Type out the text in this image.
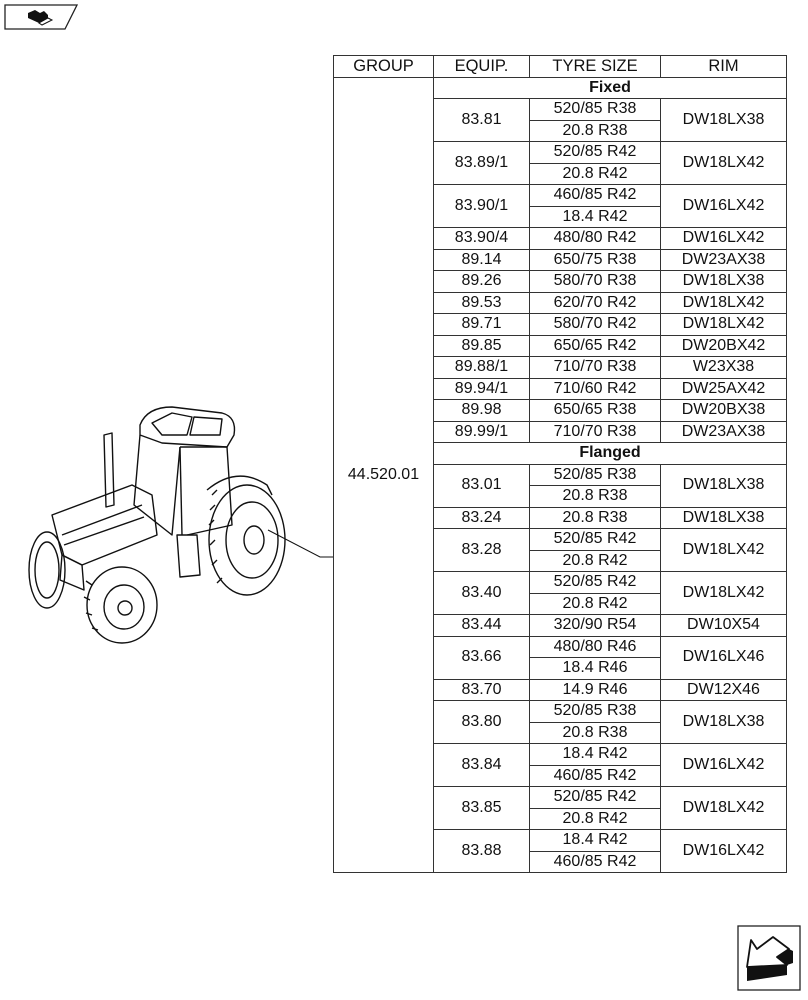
GROUP	EQUIP.	TYRE SIZE	RIM
44.520.01	Fixed		
	83.81	520/85 R38	DW18LX38
		20.8 R38	
	83.89/1	520/85 R42	DW18LX42
		20.8 R42	
	83.90/1	460/85 R42	DW16LX42
		18.4 R42	
	83.90/4	480/80 R42	DW16LX42
	89.14	650/75 R38	DW23AX38
	89.26	580/70 R38	DW18LX38
	89.53	620/70 R42	DW18LX42
	89.71	580/70 R42	DW18LX42
	89.85	650/65 R42	DW20BX42
	89.88/1	710/70 R38	W23X38
	89.94/1	710/60 R42	DW25AX42
	89.98	650/65 R38	DW20BX38
	89.99/1	710/70 R38	DW23AX38
	Flanged		
	83.01	520/85 R38	DW18LX38
		20.8 R38	
	83.24	20.8 R38	DW18LX38
	83.28	520/85 R42	DW18LX42
		20.8 R42	
	83.40	520/85 R42	DW18LX42
		20.8 R42	
	83.44	320/90 R54	DW10X54
	83.66	480/80 R46	DW16LX46
		18.4 R46	
	83.70	14.9 R46	DW12X46
	83.80	520/85 R38	DW18LX38
		20.8 R38	
	83.84	18.4 R42	DW16LX42
		460/85 R42	
	83.85	520/85 R42	DW18LX42
		20.8 R42	
	83.88	18.4 R42	DW16LX42
		460/85 R42	
